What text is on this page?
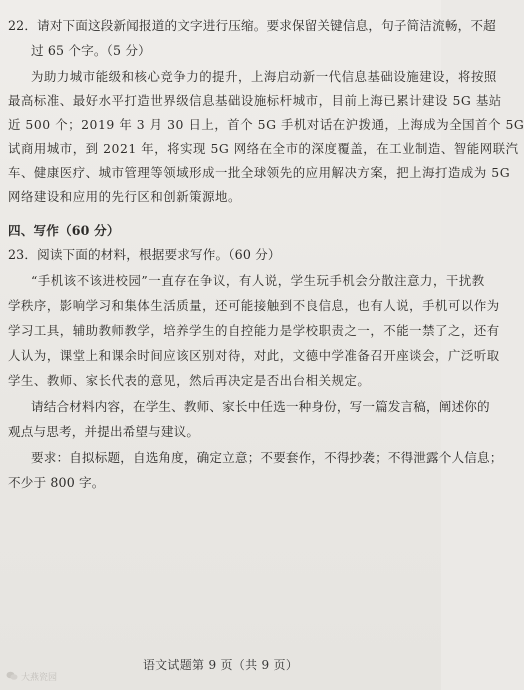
22．请对下面这段新闻报道的文字进行压缩。要求保留关键信息，句子简洁流畅，不超
过 65 个字。（5 分）
为助力城市能级和核心竞争力的提升，上海启动新一代信息基础设施建设，将按照
最高标准、最好水平打造世界级信息基础设施标杆城市，目前上海已累计建设 5G 基站
近 500 个；2019 年 3 月 30 日上，首个 5G 手机对话在沪拨通，上海成为全国首个 5G
试商用城市，到 2021 年，将实现 5G 网络在全市的深度覆盖，在工业制造、智能网联汽
车、健康医疗、城市管理等领域形成一批全球领先的应用解决方案，把上海打造成为 5G
网络建设和应用的先行区和创新策源地。
四、写作（60 分）
23．阅读下面的材料，根据要求写作。（60 分）
“手机该不该进校园”一直存在争议，有人说，学生玩手机会分散注意力，干扰教
学秩序，影响学习和集体生活质量，还可能接触到不良信息，也有人说，手机可以作为
学习工具，辅助教师教学，培养学生的自控能力是学校职责之一，不能一禁了之，还有
人认为，课堂上和课余时间应该区别对待，对此，文德中学准备召开座谈会，广泛听取
学生、教师、家长代表的意见，然后再决定是否出台相关规定。
请结合材料内容，在学生、教师、家长中任选一种身份，写一篇发言稿，阐述你的
观点与思考，并提出希望与建议。
要求：自拟标题，自选角度，确定立意；不要套作，不得抄袭；不得泄露个人信息；
不少于 800 字。
语文试题第 9 页（共 9 页）
大燕瓷园
